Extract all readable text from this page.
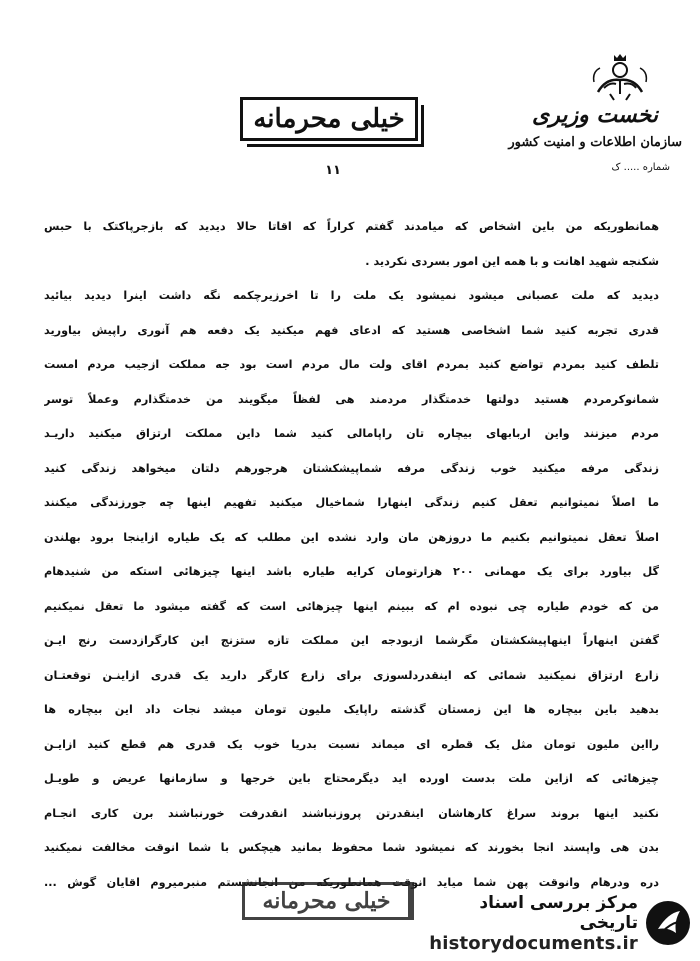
نخست وزیری
سازمان اطلاعات و امنیت کشور
شماره ..... ک
خیلی محرمانه
۱۱
همانطوریکه من باین اشخاص که میامدند گفتم کراراً که اقاتا حالا دیدید که بازجرپاکتک با حبس
شکنجه شهید اهانت و با همه این امور بسردی نکردید .
دیدید که ملت عصبانی میشود نمیشود یک ملت را تا اخرزیرچکمه نگه داشت اینرا دیدید بیائید
قدری تجربه کنید شما اشخاصی هستید که ادعای فهم میکنید یک دفعه هم آنوری راپیش بیاورید
تلطف کنید بمردم تواضع کنید بمردم اقای ولت مال مردم است بود جه مملکت ازجیب مردم امست
شمانوکرمردم هستید دولتها خدمتگذار مردمند هی لفظاً میگویند من خدمتگذارم وعملاً توسر
مردم میزنند واین اربابهای بیچاره تان راپامالی کنید شما داین مملکت ارتزاق میکنید داریـد
زندگی مرفه میکنید خوب زندگی مرفه شماپیشکشتان هرجورهم دلتان میخواهد زندگی کنید
ما اصلاً نمیتوانیم تعقل کنیم زندگی اینهارا شماخیال میکنید تفهیم اینها چه جورزندگی میکنند
اصلاً تعقل نمیتوانیم بکنیم ما دروزهن مان وارد نشده این مطلب که یک طیاره ازاینجا برود بهلندن
گل بیاورد برای یک مهمانی ۲۰۰ هزارتومان کرایه طیاره باشد اینها چیزهائی استکه من شنیدهام
من که خودم طیاره چی نبوده ام که ببینم اینها چیزهائی است که گفته میشود ما تعقل نمیکنیم
گفتن اینهاراً اینهاپیشکشتان مگرشما ازبودجه این مملکت تازه ستزنج این کارگرازدست رنج ایـن
زارع ارتزاق نمیکنید شمائی که اینقدردلسوزی برای زارع کارگر دارید یک قدری ازاینـن توقعتـان
بدهید باین بیچاره ها این زمستان گذشته راپایک ملیون تومان میشد نجات داد این بیچاره ها
رااین ملیون تومان مثل یک قطره ای میماند نسبت بدریا خوب یک قدری هم قطع کنید ازایـن
چیزهائی که ازاین ملت بدست اورده اید دیگرمحتاج باین خرجها و سازمانها عریض و طویـل
نکنید اینها بروند سراغ کارهاشان اینقدرتن پروزنباشند انقدرفت خورنباشند برن کاری انجـام
بدن هی واپسند انجا بخورند که نمیشود شما محفوظ بمانید هیچکس با شما انوقت مخالفت نمیکنید
دره ودرهام وانوقت پهن شما میاید انوقت همانطوریکه من انجانشستم منبرمیروم اقایان گوش ...
خیلی محرمانه	مرکز بررسی اسناد تاریخی
historydocuments.ir
